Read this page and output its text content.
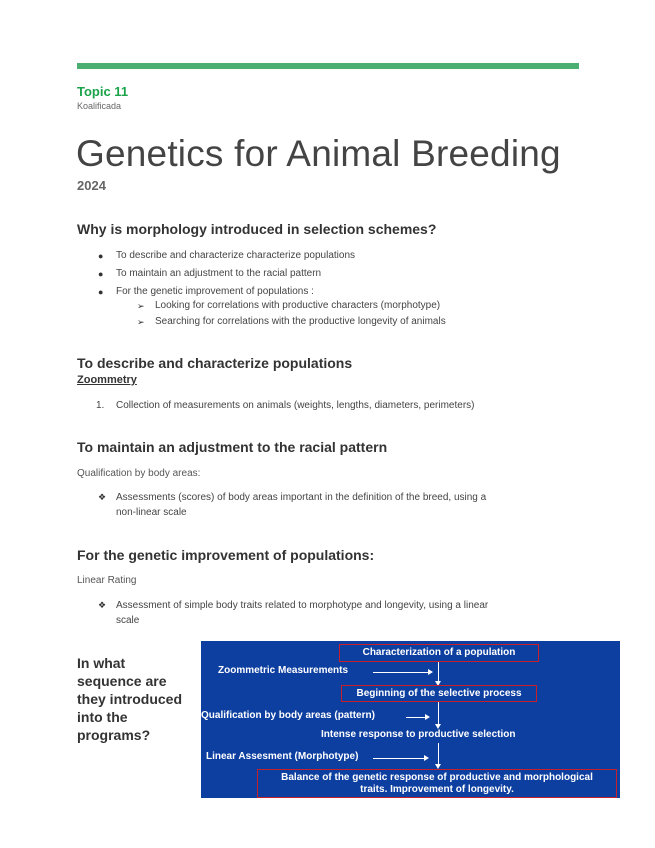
Topic 11
Koalificada
Genetics for Animal Breeding
2024
Why is morphology introduced in selection schemes?
● To describe and characterize characterize populations
● To maintain an adjustment to the racial pattern
● For the genetic improvement of populations :
➢ Looking for correlations with productive characters (morphotype)
➢ Searching for correlations with the productive longevity of animals
To describe and characterize populations
Zoommetry
1. Collection of measurements on animals (weights, lengths, diameters, perimeters)
To maintain an adjustment to the racial pattern
Qualification by body areas:
❖ Assessments (scores) of body areas important in the definition of the breed, using a
non-linear scale
For the genetic improvement of populations:
Linear Rating
❖ Assessment of simple body traits related to morphotype and longevity, using a linear
scale
In what
sequence are
they introduced
into the
programs?
Characterization of a population
Zoommetric Measurements
Beginning of the selective process
Qualification by body areas (pattern)
Intense response to productive selection
Linear Assesment (Morphotype)
Balance of the genetic response of productive and morphological
traits. Improvement of longevity.
